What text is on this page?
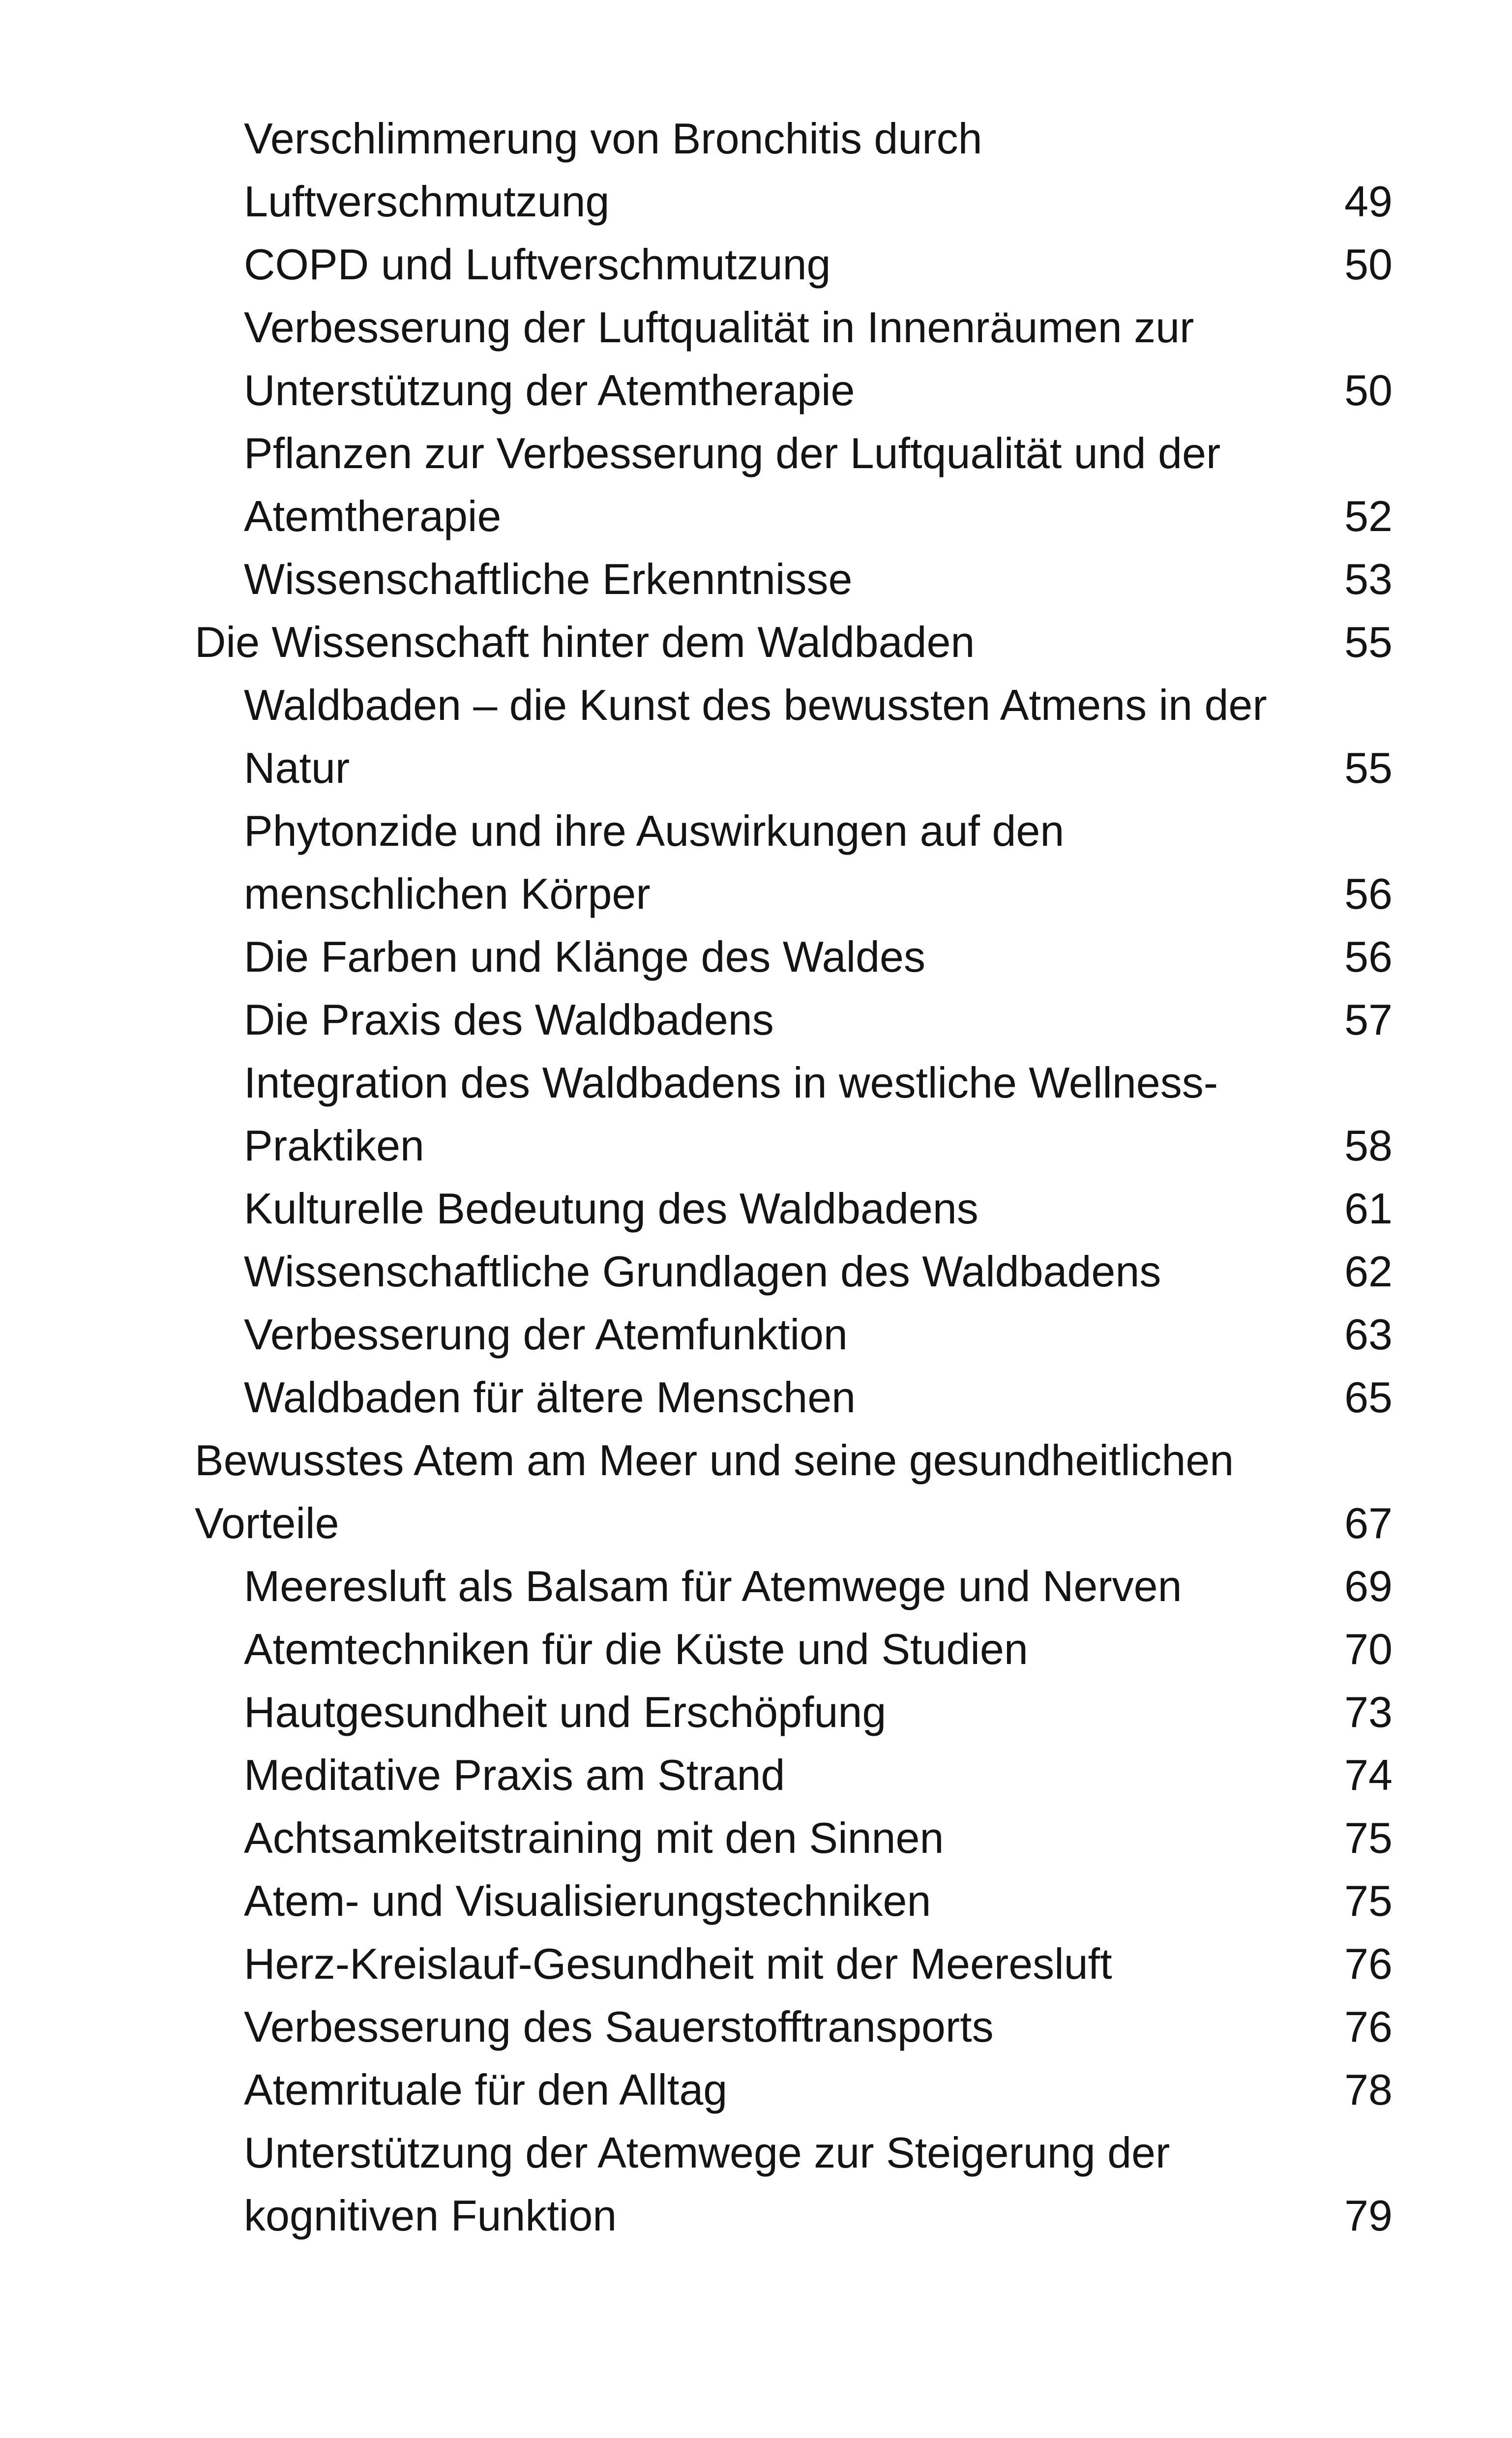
Verschlimmerung von Bronchitis durch
Luftverschmutzung	49
COPD und Luftverschmutzung	50
Verbesserung der Luftqualität in Innenräumen zur
Unterstützung der Atemtherapie	50
Pflanzen zur Verbesserung der Luftqualität und der
Atemtherapie	52
Wissenschaftliche Erkenntnisse	53
Die Wissenschaft hinter dem Waldbaden	55
Waldbaden – die Kunst des bewussten Atmens in der
Natur	55
Phytonzide und ihre Auswirkungen auf den
menschlichen Körper	56
Die Farben und Klänge des Waldes	56
Die Praxis des Waldbadens	57
Integration des Waldbadens in westliche Wellness-
Praktiken	58
Kulturelle Bedeutung des Waldbadens	61
Wissenschaftliche Grundlagen des Waldbadens	62
Verbesserung der Atemfunktion	63
Waldbaden für ältere Menschen	65
Bewusstes Atem am Meer und seine gesundheitlichen
Vorteile	67
Meeresluft als Balsam für Atemwege und Nerven	69
Atemtechniken für die Küste und Studien	70
Hautgesundheit und Erschöpfung	73
Meditative Praxis am Strand	74
Achtsamkeitstraining mit den Sinnen	75
Atem- und Visualisierungstechniken	75
Herz-Kreislauf-Gesundheit mit der Meeresluft	76
Verbesserung des Sauerstofftransports	76
Atemrituale für den Alltag	78
Unterstützung der Atemwege zur Steigerung der
kognitiven Funktion	79
